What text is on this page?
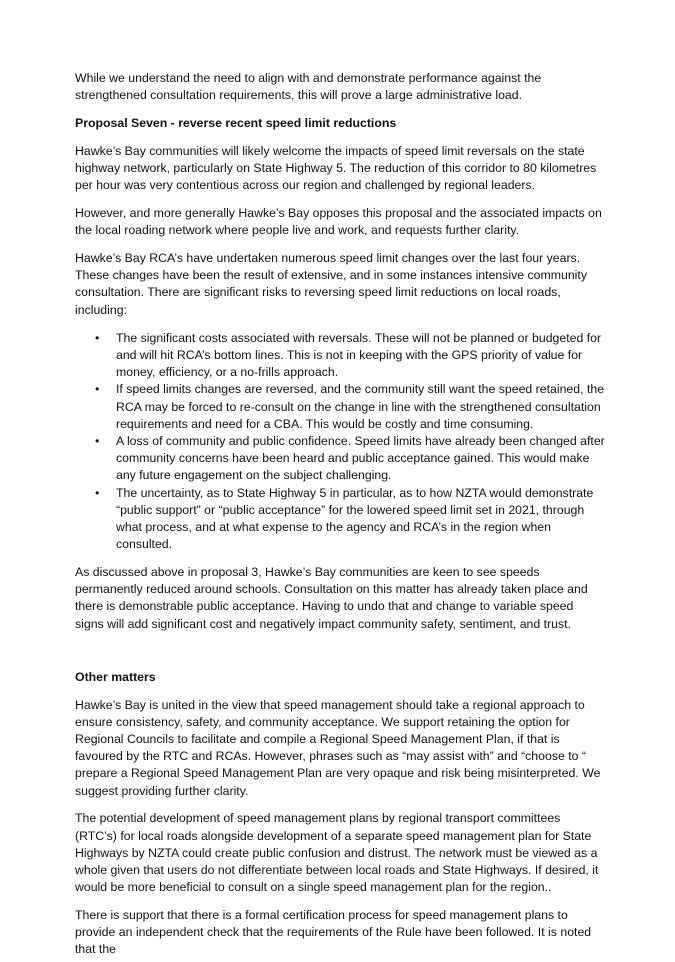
While we understand the need to align with and demonstrate performance against the strengthened consultation requirements, this will prove a large administrative load.

Proposal Seven - reverse recent speed limit reductions

Hawke’s Bay communities will likely welcome the impacts of speed limit reversals on the state highway network, particularly on State Highway 5. The reduction of this corridor to 80 kilometres per hour was very contentious across our region and challenged by regional leaders.

However, and more generally Hawke’s Bay opposes this proposal and the associated impacts on the local roading network where people live and work, and requests further clarity.

Hawke’s Bay RCA’s have undertaken numerous speed limit changes over the last four years. These changes have been the result of extensive, and in some instances intensive community consultation. There are significant risks to reversing speed limit reductions on local roads, including:

• The significant costs associated with reversals. These will not be planned or budgeted for and will hit RCA’s bottom lines. This is not in keeping with the GPS priority of value for money, efficiency, or a no-frills approach.
• If speed limits changes are reversed, and the community still want the speed retained, the RCA may be forced to re-consult on the change in line with the strengthened consultation requirements and need for a CBA. This would be costly and time consuming.
• A loss of community and public confidence. Speed limits have already been changed after community concerns have been heard and public acceptance gained. This would make any future engagement on the subject challenging.
• The uncertainty, as to State Highway 5 in particular, as to how NZTA would demonstrate “public support” or “public acceptance” for the lowered speed limit set in 2021, through what process, and at what expense to the agency and RCA’s in the region when consulted.

As discussed above in proposal 3, Hawke’s Bay communities are keen to see speeds permanently reduced around schools. Consultation on this matter has already taken place and there is demonstrable public acceptance. Having to undo that and change to variable speed signs will add significant cost and negatively impact community safety, sentiment, and trust.

Other matters

Hawke’s Bay is united in the view that speed management should take a regional approach to ensure consistency, safety, and community acceptance. We support retaining the option for Regional Councils to facilitate and compile a Regional Speed Management Plan, if that is favoured by the RTC and RCAs. However, phrases such as “may assist with” and “choose to “ prepare a Regional Speed Management Plan are very opaque and risk being misinterpreted. We suggest providing further clarity.

The potential development of speed management plans by regional transport committees (RTC’s) for local roads alongside development of a separate speed management plan for State Highways by NZTA could create public confusion and distrust. The network must be viewed as a whole given that users do not differentiate between local roads and State Highways. If desired, it would be more beneficial to consult on a single speed management plan for the region..

There is support that there is a formal certification process for speed management plans to provide an independent check that the requirements of the Rule have been followed. It is noted that the
